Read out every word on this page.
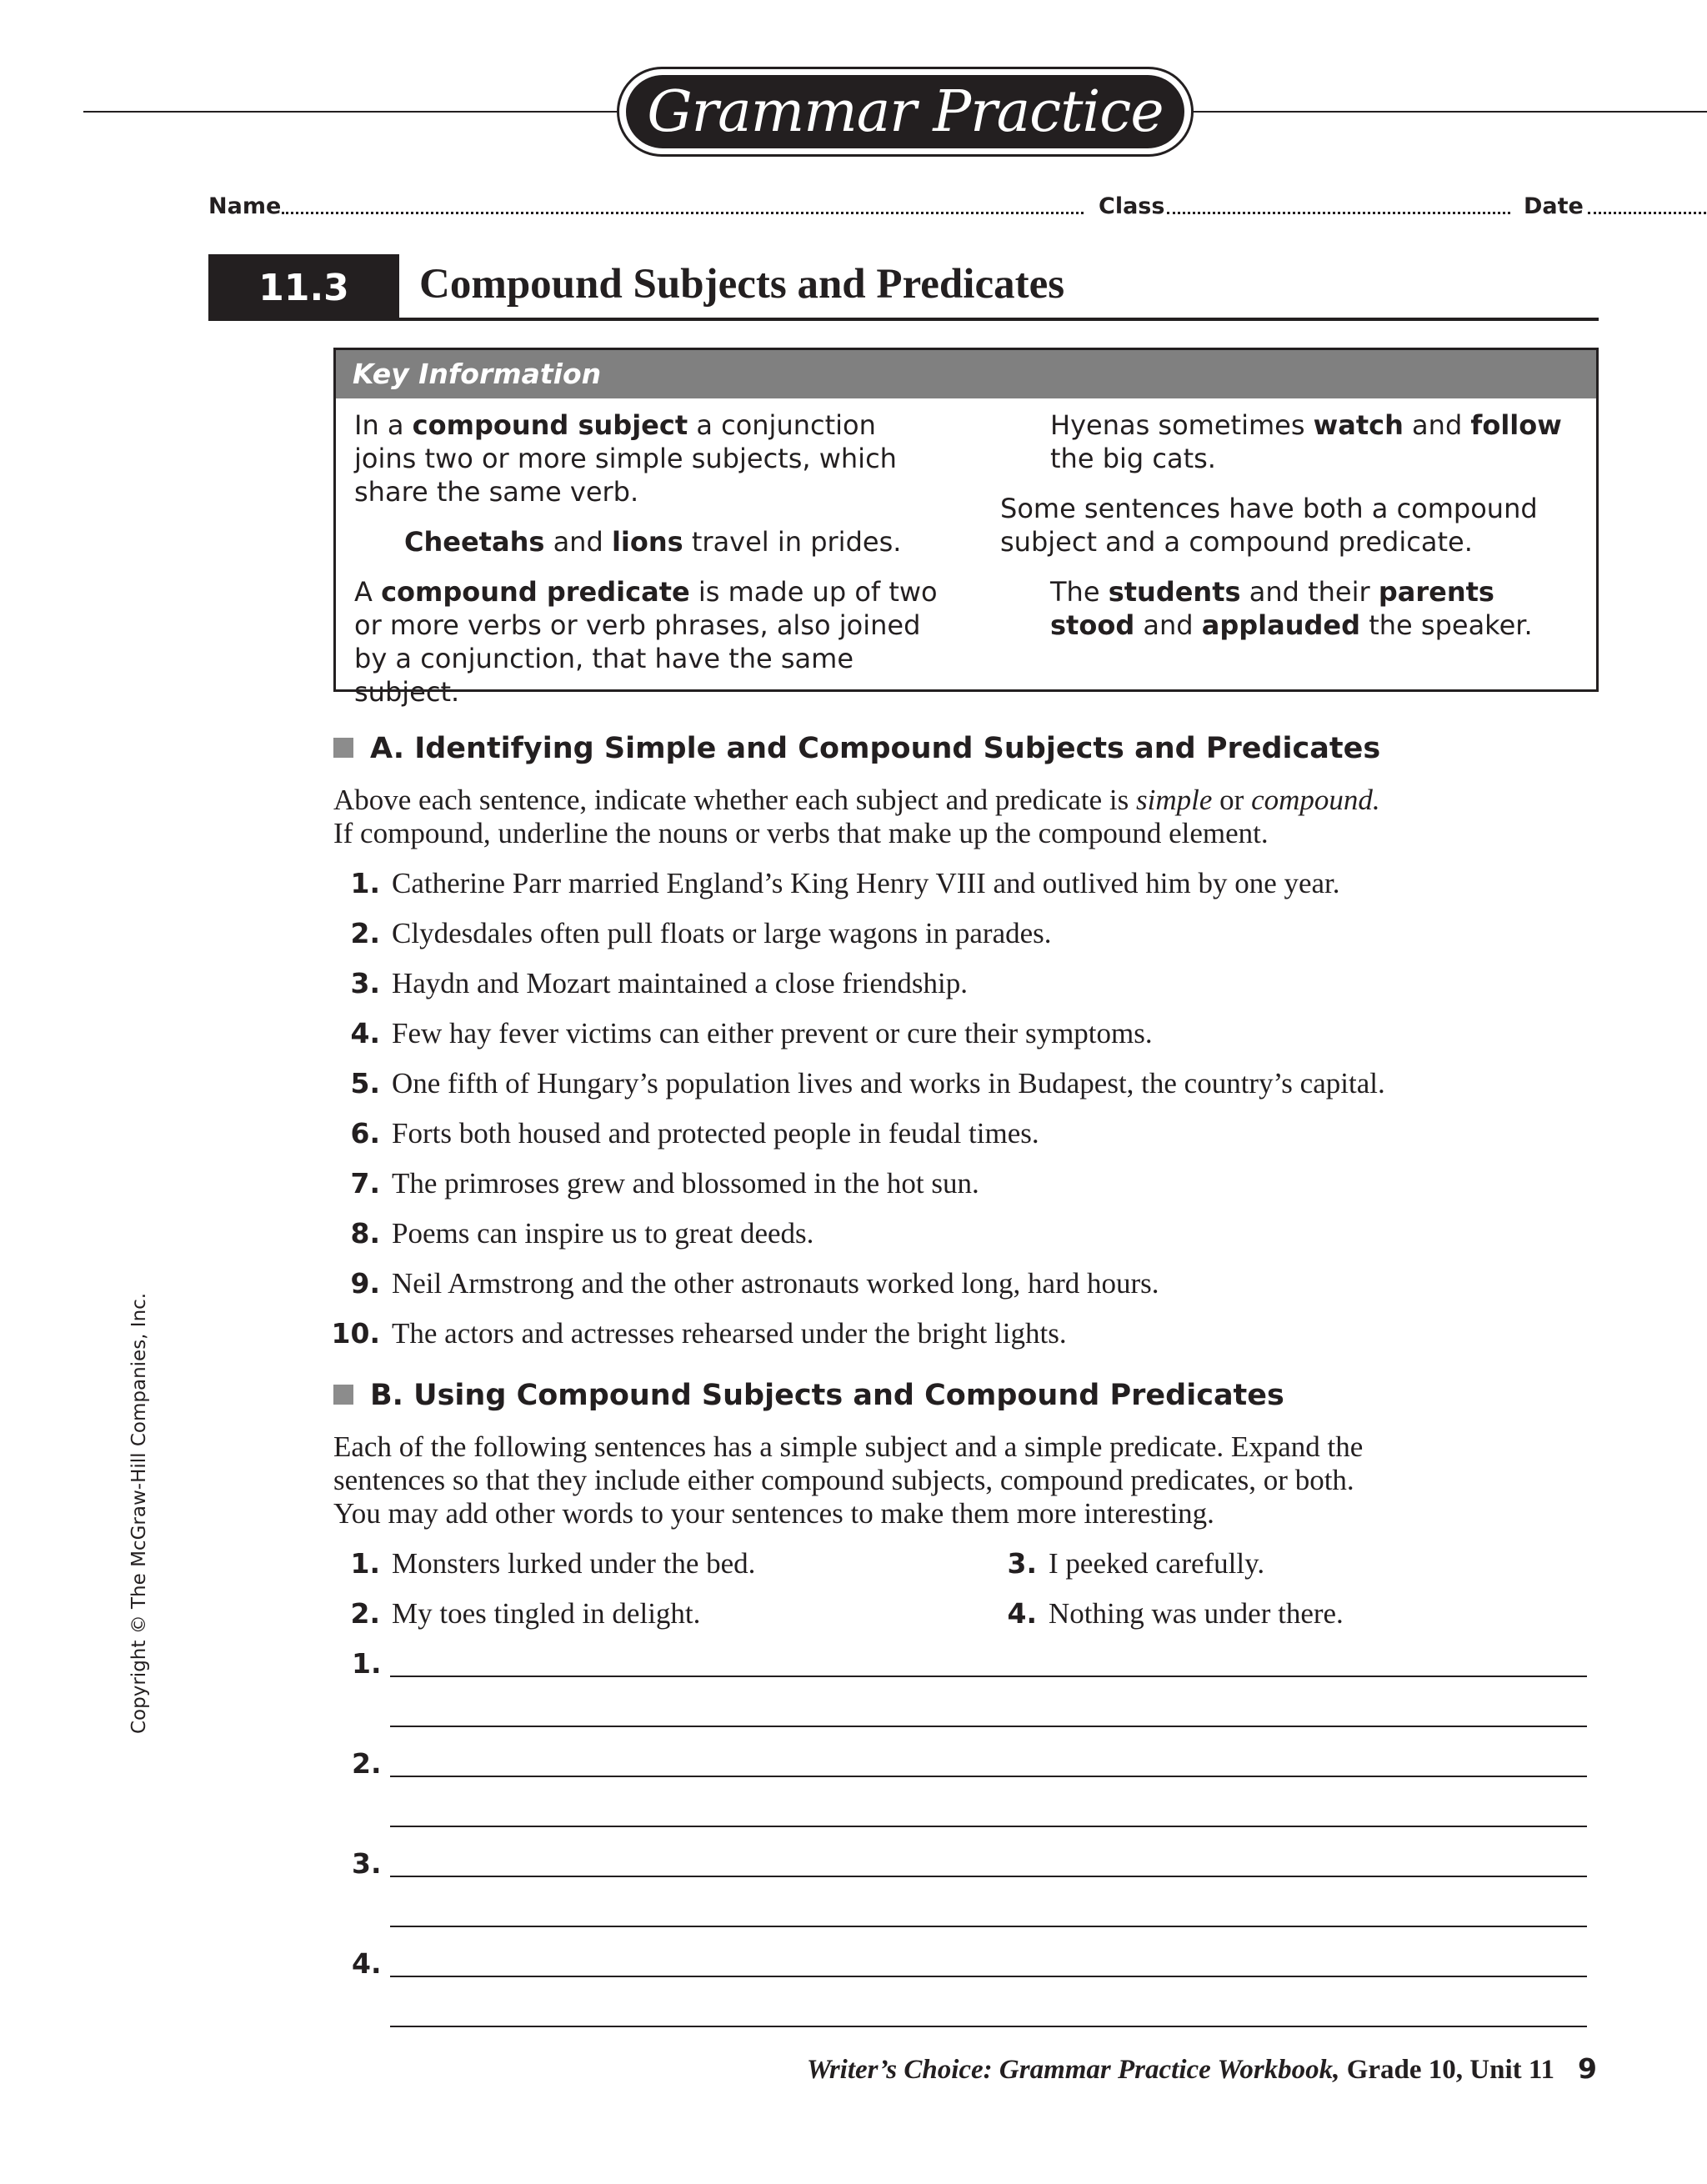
Grammar Practice
Name	Class	Date
11.3	Compound Subjects and Predicates
Key Information

In a compound subject a conjunction joins two or more simple subjects, which share the same verb.

Cheetahs and lions travel in prides.

A compound predicate is made up of two or more verbs or verb phrases, also joined by a conjunction, that have the same subject.

Hyenas sometimes watch and follow the big cats.

Some sentences have both a compound subject and a compound predicate.

The students and their parents stood and applauded the speaker.

A. Identifying Simple and Compound Subjects and Predicates
Above each sentence, indicate whether each subject and predicate is simple or compound.
If compound, underline the nouns or verbs that make up the compound element.
1. Catherine Parr married England’s King Henry VIII and outlived him by one year.
2. Clydesdales often pull floats or large wagons in parades.
3. Haydn and Mozart maintained a close friendship.
4. Few hay fever victims can either prevent or cure their symptoms.
5. One fifth of Hungary’s population lives and works in Budapest, the country’s capital.
6. Forts both housed and protected people in feudal times.
7. The primroses grew and blossomed in the hot sun.
8. Poems can inspire us to great deeds.
9. Neil Armstrong and the other astronauts worked long, hard hours.
10. The actors and actresses rehearsed under the bright lights.
B. Using Compound Subjects and Compound Predicates
Each of the following sentences has a simple subject and a simple predicate. Expand the
sentences so that they include either compound subjects, compound predicates, or both.
You may add other words to your sentences to make them more interesting.
1. Monsters lurked under the bed.
2. My toes tingled in delight.
3. I peeked carefully.
4. Nothing was under there.
1.
2.
3.
4.
Copyright © The McGraw-Hill Companies, Inc.
Writer’s Choice: Grammar Practice Workbook, Grade 10, Unit 11 9
